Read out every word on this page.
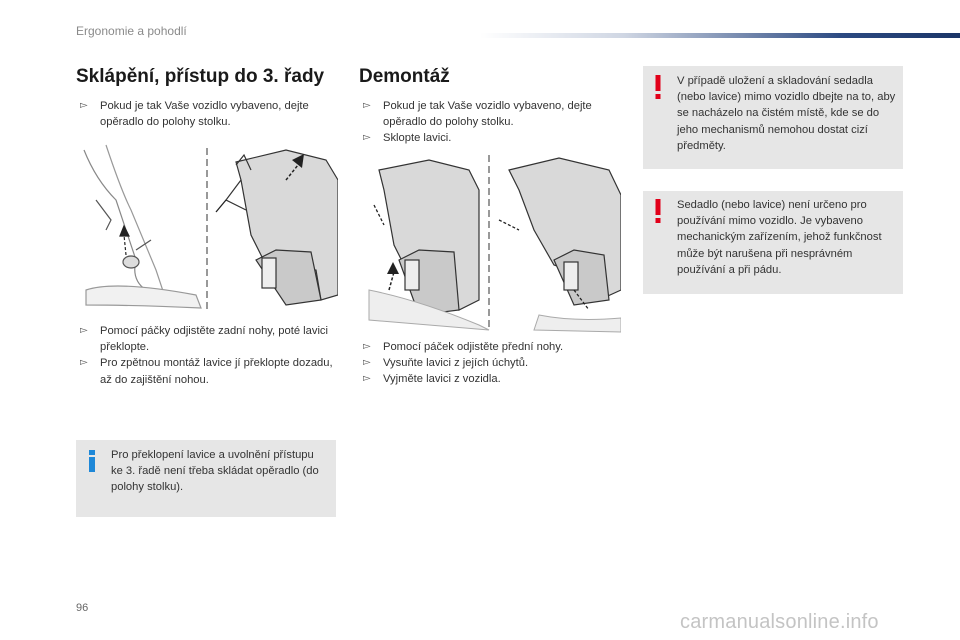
Ergonomie a pohodlí
Sklápění, přístup do 3. řady
▻ Pokud je tak Vaše vozidlo vybaveno, dejte opěradlo do polohy stolku.
▻ Pomocí páčky odjistěte zadní nohy, poté lavici překlopte.
▻ Pro zpětnou montáž lavice jí překlopte dozadu, až do zajištění nohou.
Pro překlopení lavice a uvolnění přístupu ke 3. řadě není třeba skládat opěradlo (do polohy stolku).
Demontáž
▻ Pokud je tak Vaše vozidlo vybaveno, dejte opěradlo do polohy stolku.
▻ Sklopte lavici.
▻ Pomocí páček odjistěte přední nohy.
▻ Vysuňte lavici z jejích úchytů.
▻ Vyjměte lavici z vozidla.
V případě uložení a skladování sedadla (nebo lavice) mimo vozidlo dbejte na to, aby se nacházelo na čistém místě, kde se do jeho mechanismů nemohou dostat cizí předměty.
Sedadlo (nebo lavice) není určeno pro používání mimo vozidlo. Je vybaveno mechanickým zařízením, jehož funkčnost může být narušena při nesprávném používání a při pádu.
96
carmanualsonline.info
